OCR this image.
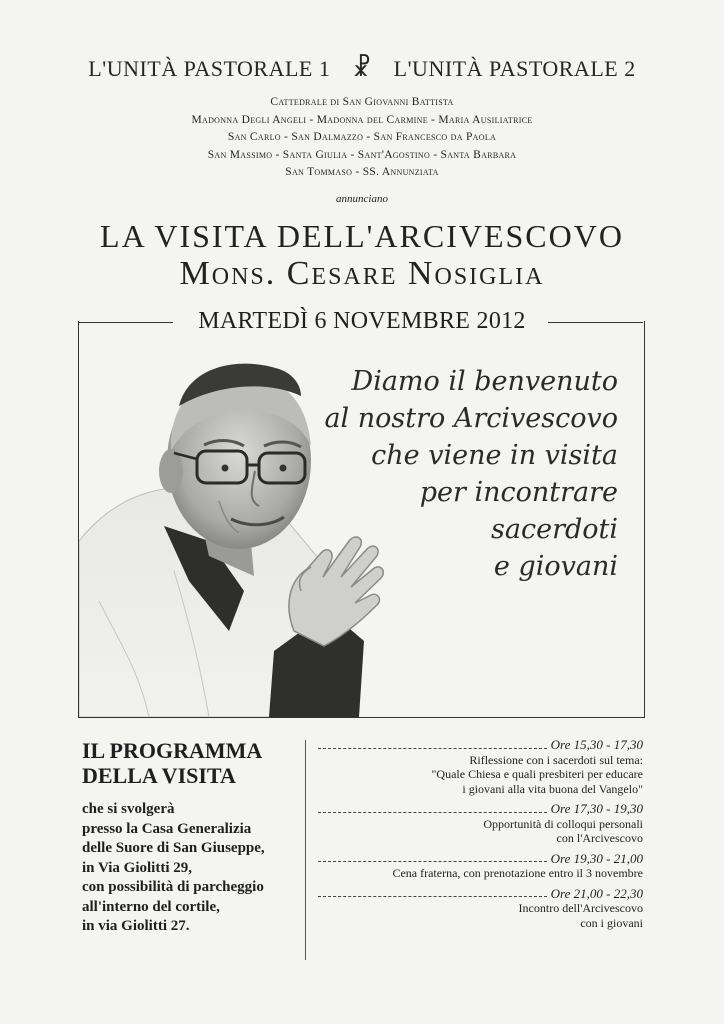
L'UNITÀ PASTORALE 1 ☧ L'UNITÀ PASTORALE 2
Cattedrale di San Giovanni Battista
Madonna Degli Angeli - Madonna del Carmine - Maria Ausiliatrice
San Carlo - San Dalmazzo - San Francesco da Paola
San Massimo - Santa Giulia - Sant'Agostino - Santa Barbara
San Tommaso - SS. Annunziata
annunciano
LA VISITA DELL'ARCIVESCOVO
Mons. Cesare Nosiglia
MARTEDÌ 6 NOVEMBRE 2012
Diamo il benvenuto
al nostro Arcivescovo
che viene in visita
per incontrare
sacerdoti
e giovani
IL PROGRAMMA
DELLA VISITA
che si svolgerà
presso la Casa Generalizia
delle Suore di San Giuseppe,
in Via Giolitti 29,
con possibilità di parcheggio
all'interno del cortile,
in via Giolitti 27.
Ore 15,30 - 17,30
Riflessione con i sacerdoti sul tema:
"Quale Chiesa e quali presbiteri per educare
i giovani alla vita buona del Vangelo"
Ore 17,30 - 19,30
Opportunità di colloqui personali
con l'Arcivescovo
Ore 19,30 - 21,00
Cena fraterna, con prenotazione entro il 3 novembre
Ore 21,00 - 22,30
Incontro dell'Arcivescovo
con i giovani
